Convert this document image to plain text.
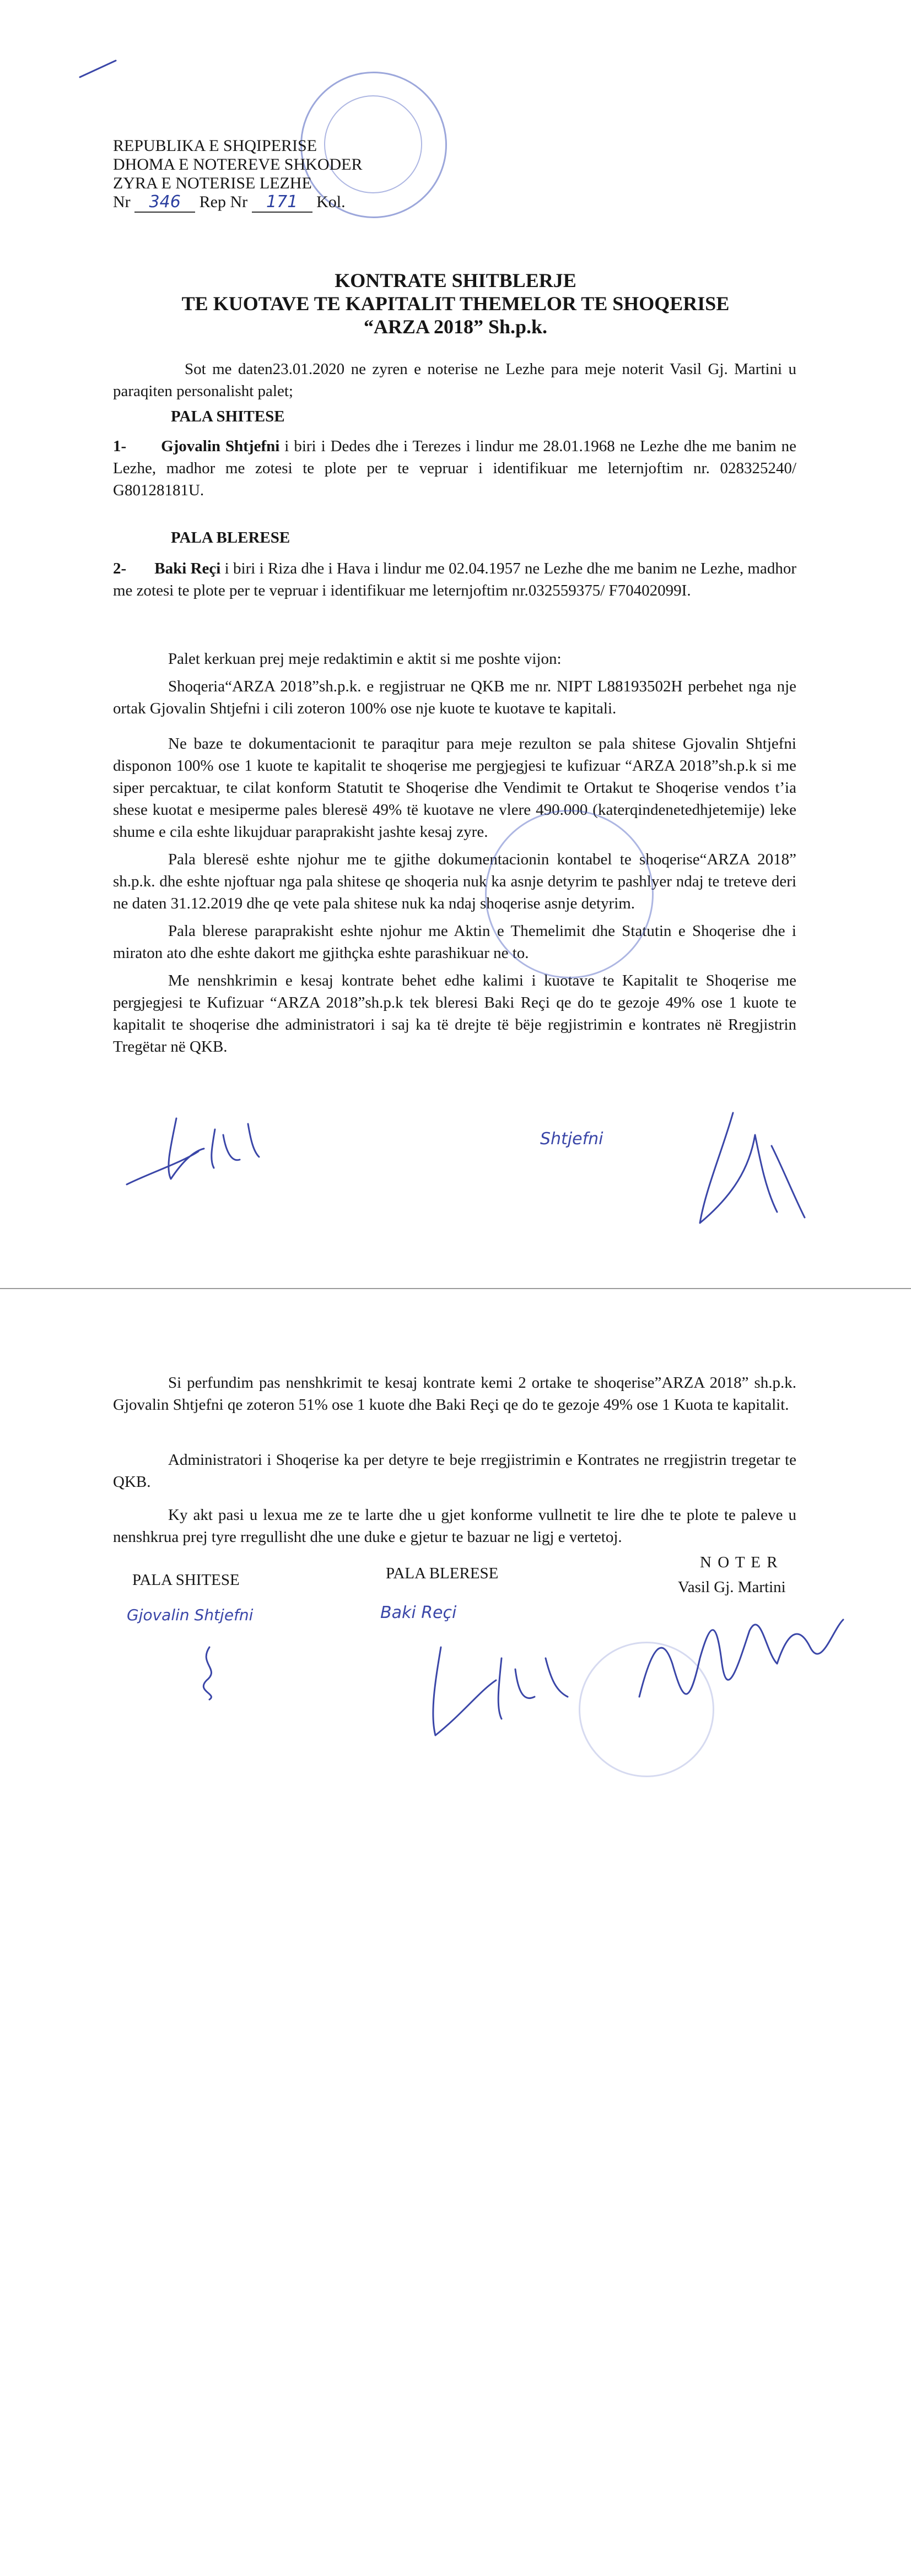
REPUBLIKA E SHQIPERISE
DHOMA E NOTEREVE SHKODER
ZYRA E NOTERISE LEZHE
Nr 346 Rep Nr 171 Kol.
KONTRATE SHITBLERJE
TE KUOTAVE TE KAPITALIT THEMELOR TE SHOQERISE
“ARZA 2018” Sh.p.k.
Sot me daten23.01.2020 ne zyren e noterise ne Lezhe para meje noterit Vasil Gj. Martini u paraqiten personalisht palet;
PALA SHITESE
1- Gjovalin Shtjefni i biri i Dedes dhe i Terezes i lindur me 28.01.1968 ne Lezhe dhe me banim ne Lezhe, madhor me zotesi te plote per te vepruar i identifikuar me leternjoftim nr. 028325240/ G80128181U.
PALA BLERESE
2- Baki Reçi i biri i Riza dhe i Hava i lindur me 02.04.1957 ne Lezhe dhe me banim ne Lezhe, madhor me zotesi te plote per te vepruar i identifikuar me leternjoftim nr.032559375/ F70402099I.
Palet kerkuan prej meje redaktimin e aktit si me poshte vijon:
Shoqeria“ARZA 2018”sh.p.k. e regjistruar ne QKB me nr. NIPT L88193502H perbehet nga nje ortak Gjovalin Shtjefni i cili zoteron 100% ose nje kuote te kuotave te kapitali.
Ne baze te dokumentacionit te paraqitur para meje rezulton se pala shitese Gjovalin Shtjefni disponon 100% ose 1 kuote te kapitalit te shoqerise me pergjegjesi te kufizuar “ARZA 2018”sh.p.k si me siper percaktuar, te cilat konform Statutit te Shoqerise dhe Vendimit te Ortakut te Shoqerise vendos t’ia shese kuotat e mesiperme pales bleresë 49% të kuotave ne vlere 490.000 (katerqindenetedhjetemije) leke shume e cila eshte likujduar paraprakisht jashte kesaj zyre.
Pala bleresë eshte njohur me te gjithe dokumentacionin kontabel te shoqerise“ARZA 2018” sh.p.k. dhe eshte njoftuar nga pala shitese qe shoqeria nuk ka asnje detyrim te pashlyer ndaj te treteve deri ne daten 31.12.2019 dhe qe vete pala shitese nuk ka ndaj shoqerise asnje detyrim.
Pala blerese paraprakisht eshte njohur me Aktin e Themelimit dhe Statutin e Shoqerise dhe i miraton ato dhe eshte dakort me gjithçka eshte parashikuar ne to.
Me nenshkrimin e kesaj kontrate behet edhe kalimi i kuotave te Kapitalit te Shoqerise me pergjegjesi te Kufizuar “ARZA 2018”sh.p.k tek bleresi Baki Reçi qe do te gezoje 49% ose 1 kuote te kapitalit te shoqerise dhe administratori i saj ka të drejte të bëje regjistrimin e kontrates në Rregjistrin Tregëtar në QKB.
Shtjefni
Si perfundim pas nenshkrimit te kesaj kontrate kemi 2 ortake te shoqerise”ARZA 2018” sh.p.k. Gjovalin Shtjefni qe zoteron 51% ose 1 kuote dhe Baki Reçi qe do te gezoje 49% ose 1 Kuota te kapitalit.
Administratori i Shoqerise ka per detyre te beje rregjistrimin e Kontrates ne rregjistrin tregetar te QKB.
Ky akt pasi u lexua me ze te larte dhe u gjet konforme vullnetit te lire dhe te plote te paleve u nenshkrua prej tyre rregullisht dhe une duke e gjetur te bazuar ne ligj e vertetoj.
PALA SHITESE	PALA BLERESE
N O T E R
Vasil Gj. Martini
Gjovalin Shtjefni	Baki Reçi
